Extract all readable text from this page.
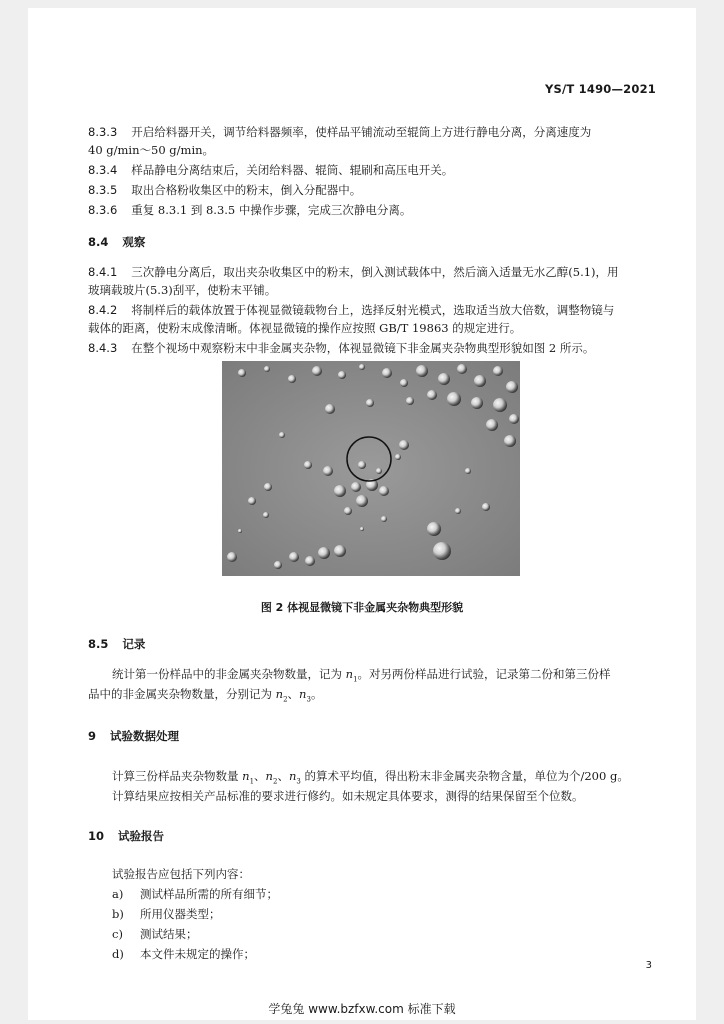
YS/T 1490—2021
8.3.3 开启给料器开关，调节给料器频率，使样品平铺流动至辊筒上方进行静电分离，分离速度为
40 g/min～50 g/min。
8.3.4 样品静电分离结束后，关闭给料器、辊筒、辊刷和高压电开关。
8.3.5 取出合格粉收集区中的粉末，倒入分配器中。
8.3.6 重复 8.3.1 到 8.3.5 中操作步骤，完成三次静电分离。
8.4 观察
8.4.1 三次静电分离后，取出夹杂收集区中的粉末，倒入测试载体中，然后滴入适量无水乙醇(5.1)，用
玻璃载玻片(5.3)刮平，使粉末平铺。
8.4.2 将制样后的载体放置于体视显微镜载物台上，选择反射光模式，选取适当放大倍数，调整物镜与
载体的距离，使粉末成像清晰。体视显微镜的操作应按照 GB/T 19863 的规定进行。
8.4.3 在整个视场中观察粉末中非金属夹杂物，体视显微镜下非金属夹杂物典型形貌如图 2 所示。
图 2 体视显微镜下非金属夹杂物典型形貌
8.5 记录
统计第一份样品中的非金属夹杂物数量，记为 $n_1$。对另两份样品进行试验，记录第二份和第三份样
品中的非金属夹杂物数量，分别记为 $n_2$、$n_3$。
9 试验数据处理
计算三份样品夹杂物数量 $n_1$、$n_2$、$n_3$ 的算术平均值，得出粉末非金属夹杂物含量，单位为个/200 g。
计算结果应按相关产品标准的要求进行修约。如未规定具体要求，测得的结果保留至个位数。
10 试验报告
试验报告应包括下列内容：
a) 测试样品所需的所有细节；
b) 所用仪器类型；
c) 测试结果；
d) 本文件未规定的操作；
3
学兔兔 www.bzfxw.com 标准下载
